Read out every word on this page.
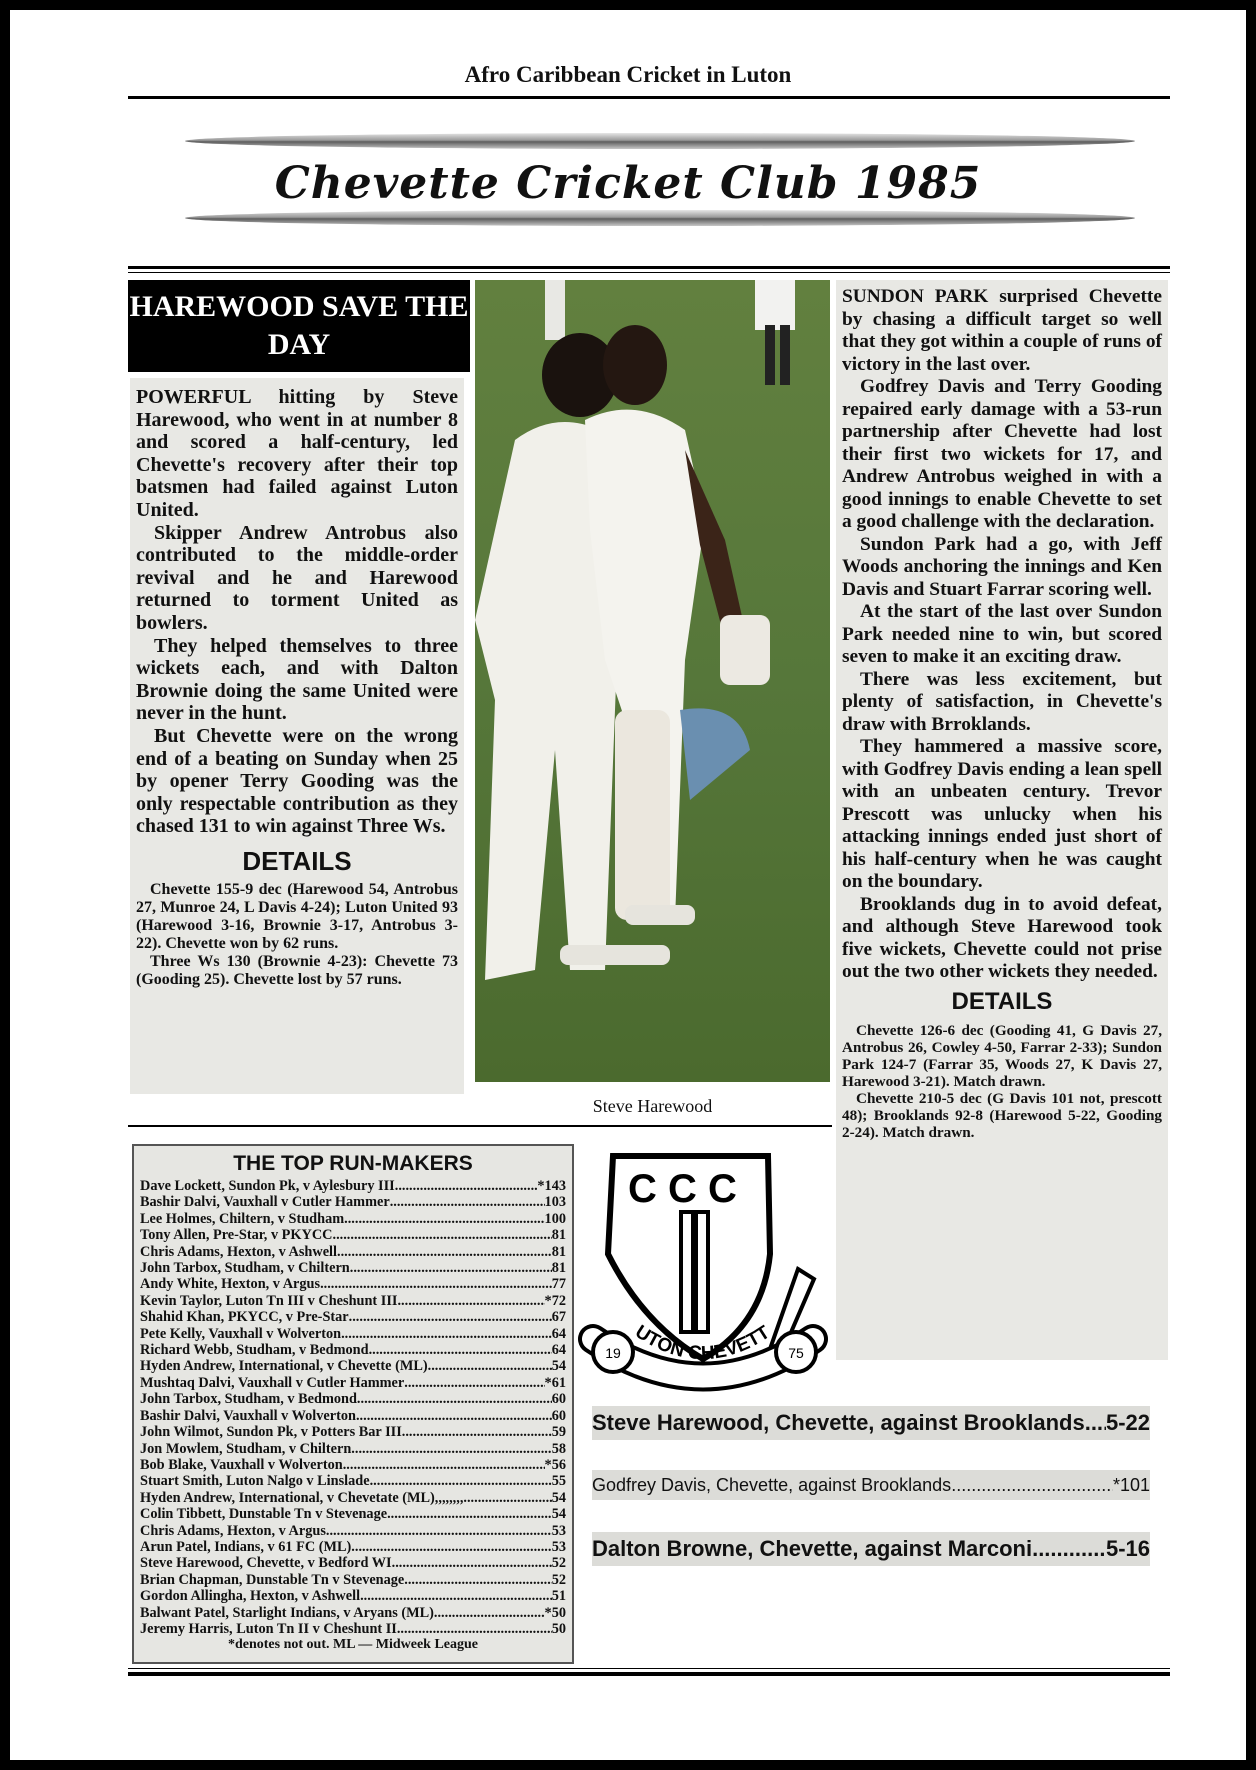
Afro Caribbean Cricket in Luton
Chevette Cricket Club 1985
HAREWOOD SAVE THE DAY

POWERFUL hitting by Steve Harewood, who went in at number 8 and scored a half-century, led Chevette's recovery after their top batsmen had failed against Luton United.

Skipper Andrew Antrobus also contributed to the middle-order revival and he and Harewood returned to torment United as bowlers.

They helped themselves to three wickets each, and with Dalton Brownie doing the same United were never in the hunt.

But Chevette were on the wrong end of a beating on Sunday when 25 by opener Terry Gooding was the only respectable contribution as they chased 131 to win against Three Ws.

DETAILS

Chevette 155-9 dec (Harewood 54, Antrobus 27, Munroe 24, L Davis 4-24); Luton United 93 (Harewood 3-16, Brownie 3-17, Antrobus 3-22). Chevette won by 62 runs.

Three Ws 130 (Brownie 4-23): Chevette 73 (Gooding 25). Chevette lost by 57 runs.

Steve Harewood

SUNDON PARK surprised Chevette by chasing a difficult target so well that they got within a couple of runs of victory in the last over.

Godfrey Davis and Terry Gooding repaired early damage with a 53-run partnership after Chevette had lost their first two wickets for 17, and Andrew Antrobus weighed in with a good innings to enable Chevette to set a good challenge with the declaration.

Sundon Park had a go, with Jeff Woods anchoring the innings and Ken Davis and Stuart Farrar scoring well.

At the start of the last over Sundon Park needed nine to win, but scored seven to make it an exciting draw.

There was less excitement, but plenty of satisfaction, in Chevette's draw with Brroklands.

They hammered a massive score, with Godfrey Davis ending a lean spell with an unbeaten century. Trevor Prescott was unlucky when his attacking innings ended just short of his half-century when he was caught on the boundary.

Brooklands dug in to avoid defeat, and although Steve Harewood took five wickets, Chevette could not prise out the two other wickets they needed.

DETAILS

Chevette 126-6 dec (Gooding 41, G Davis 27, Antrobus 26, Cowley 4-50, Farrar 2-33); Sundon Park 124-7 (Farrar 35, Woods 27, K Davis 27, Harewood 3-21). Match drawn.

Chevette 210-5 dec (G Davis 101 not, prescott 48); Brooklands 92-8 (Harewood 5-22, Gooding 2-24). Match drawn.

THE TOP RUN-MAKERS
Dave Lockett, Sundon Pk, v Aylesbury III .....	*143
Bashir Dalvi, Vauxhall v Cutler Hammer .....	103
Lee Holmes, Chiltern, v Studham .....	100
Tony Allen, Pre-Star, v PKYCC .....	81
Chris Adams, Hexton, v Ashwell .....	81
John Tarbox, Studham, v Chiltern .....	81
Andy White, Hexton, v Argus .....	77
Kevin Taylor, Luton Tn III v Cheshunt III .....	*72
Shahid Khan, PKYCC, v Pre-Star .....	67
Pete Kelly, Vauxhall v Wolverton .....	64
Richard Webb, Studham, v Bedmond .....	64
Hyden Andrew, International, v Chevette (ML) .....	54
Mushtaq Dalvi, Vauxhall v Cutler Hammer .....	*61
John Tarbox, Studham, v Bedmond .....	60
Bashir Dalvi, Vauxhall v Wolverton .....	60
John Wilmot, Sundon Pk, v Potters Bar III .....	59
Jon Mowlem, Studham, v Chiltern .....	58
Bob Blake, Vauxhall v Wolverton .....	*56
Stuart Smith, Luton Nalgo v Linslade .....	55
Hyden Andrew, International, v Chevetate (ML),,,,,,,, .....	54
Colin Tibbett, Dunstable Tn v Stevenage .....	54
Chris Adams, Hexton, v Argus .....	53
Arun Patel, Indians, v 61 FC (ML) .....	53
Steve Harewood, Chevette, v Bedford WI .....	52
Brian Chapman, Dunstable Tn v Stevenage .....	52
Gordon Allingha, Hexton, v Ashwell .....	51
Balwant Patel, Starlight Indians, v Aryans (ML) .....	*50
Jeremy Harris, Luton Tn II v Cheshunt II .....	50
*denotes not out. ML — Midweek League
C C C
UTON CHEVETT
19	75
Steve Harewood, Chevette, against Brooklands ..... 5-22
Godfrey Davis, Chevette, against Brooklands .....	*101
Dalton Browne, Chevette, against Marconi .....	5-16
